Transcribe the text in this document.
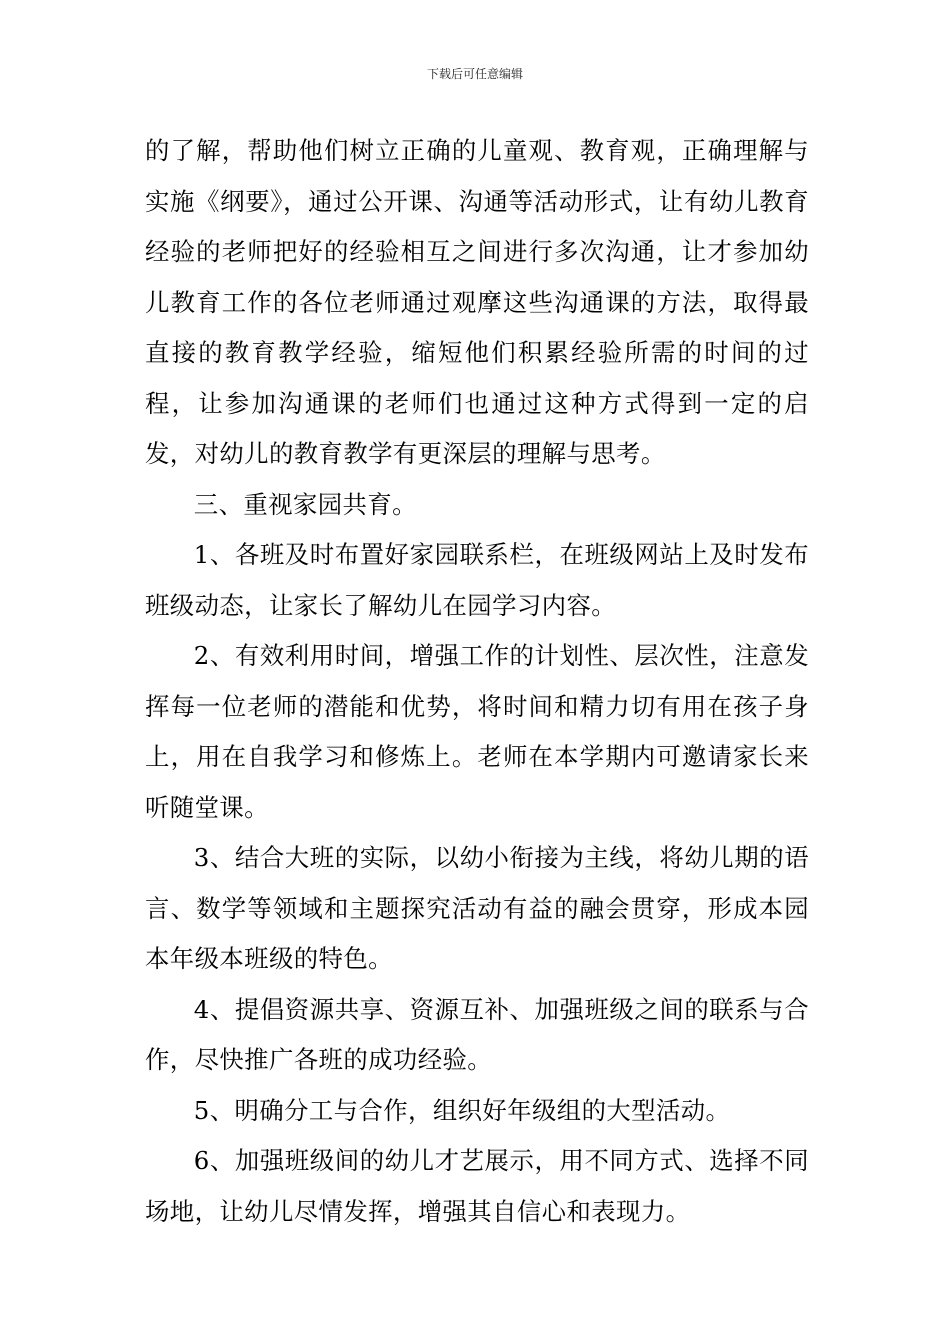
下载后可任意编辑

的了解，帮助他们树立正确的儿童观、教育观，正确理解与实施《纲要》，通过公开课、沟通等活动形式，让有幼儿教育经验的老师把好的经验相互之间进行多次沟通，让才参加幼儿教育工作的各位老师通过观摩这些沟通课的方法，取得最直接的教育教学经验，缩短他们积累经验所需的时间的过程，让参加沟通课的老师们也通过这种方式得到一定的启发，对幼儿的教育教学有更深层的理解与思考。

三、重视家园共育。

1、各班及时布置好家园联系栏，在班级网站上及时发布班级动态，让家长了解幼儿在园学习内容。

2、有效利用时间，增强工作的计划性、层次性，注意发挥每一位老师的潜能和优势，将时间和精力切有用在孩子身上，用在自我学习和修炼上。老师在本学期内可邀请家长来听随堂课。

3、结合大班的实际，以幼小衔接为主线，将幼儿期的语言、数学等领域和主题探究活动有益的融会贯穿，形成本园本年级本班级的特色。

4、提倡资源共享、资源互补、加强班级之间的联系与合作，尽快推广各班的成功经验。

5、明确分工与合作，组织好年级组的大型活动。

6、加强班级间的幼儿才艺展示，用不同方式、选择不同场地，让幼儿尽情发挥，增强其自信心和表现力。
